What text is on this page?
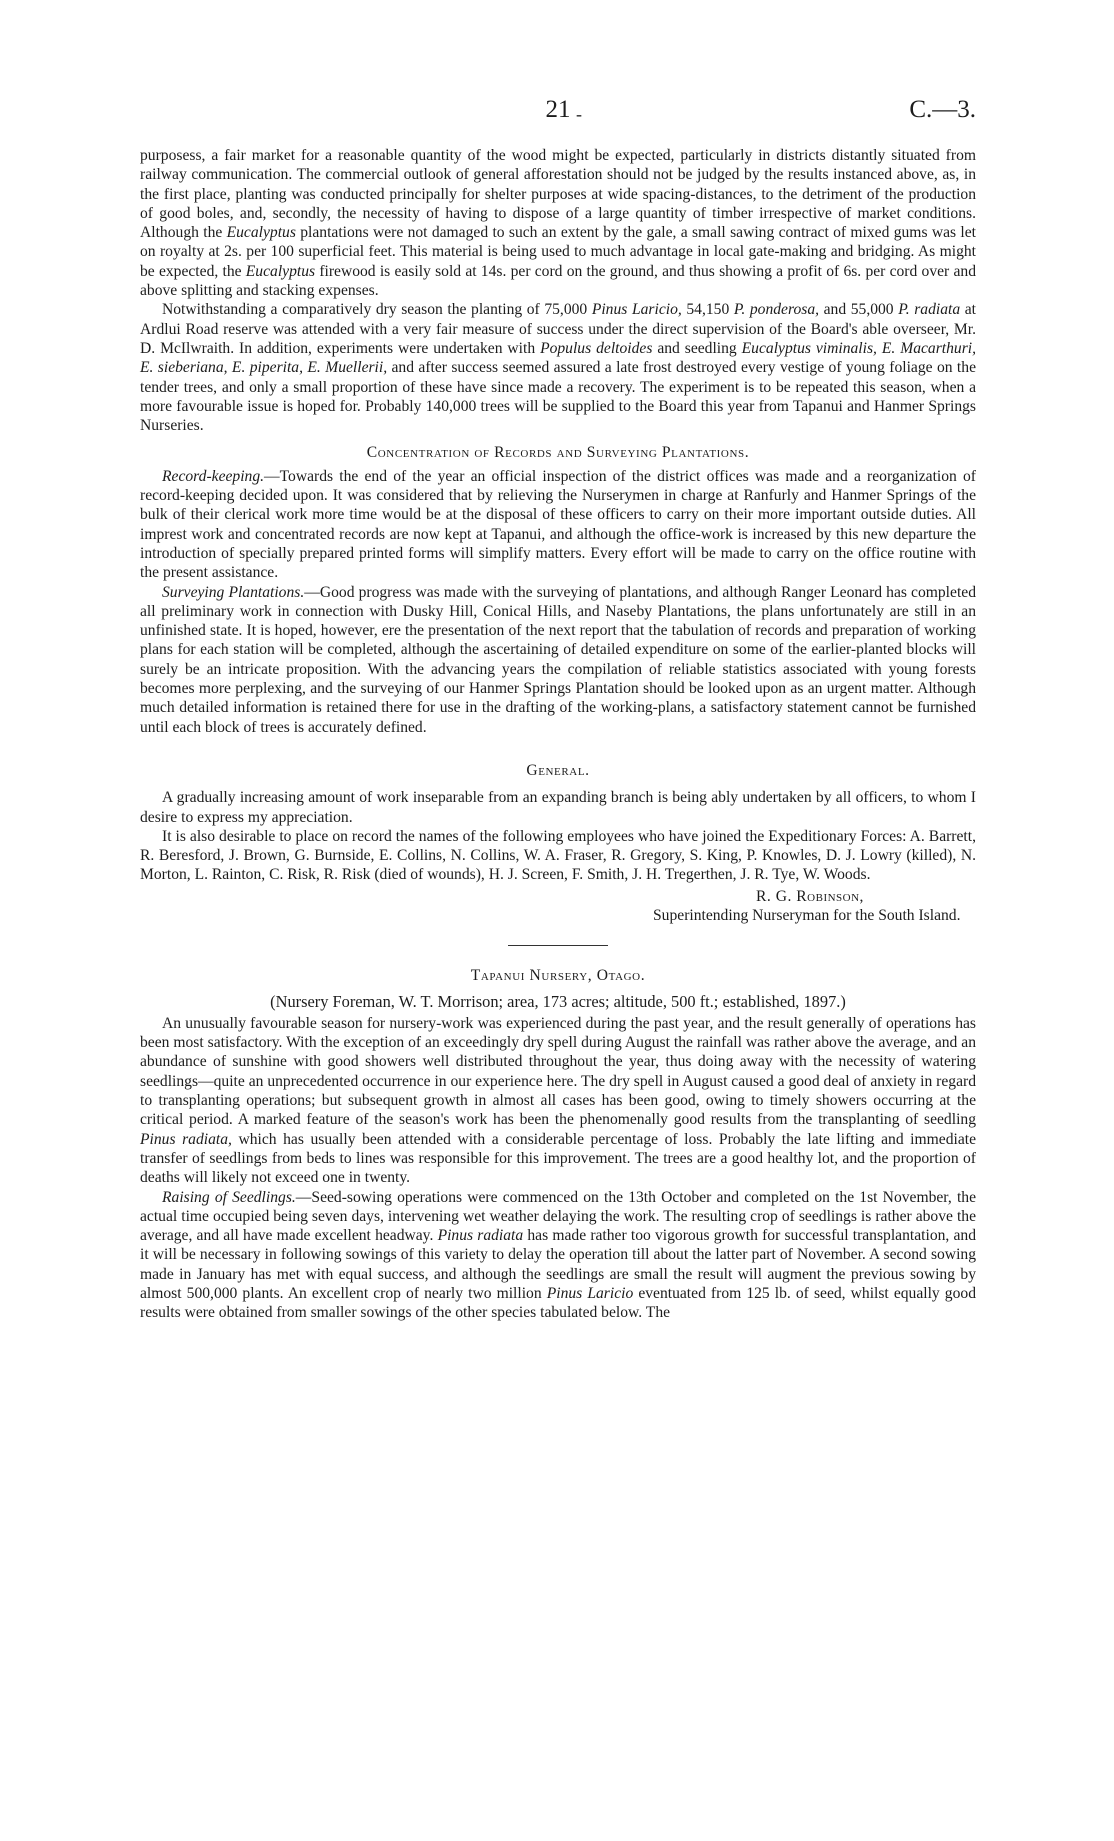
-
21	C.—3.

purposess, a fair market for a reasonable quantity of the wood might be expected, particularly in districts distantly situated from railway communication. The commercial outlook of general afforestation should not be judged by the results instanced above, as, in the first place, planting was conducted principally for shelter purposes at wide spacing-distances, to the detriment of the production of good boles, and, secondly, the necessity of having to dispose of a large quantity of timber irrespective of market conditions. Although the Eucalyptus plantations were not damaged to such an extent by the gale, a small sawing contract of mixed gums was let on royalty at 2s. per 100 superficial feet. This material is being used to much advantage in local gate-making and bridging. As might be expected, the Eucalyptus firewood is easily sold at 14s. per cord on the ground, and thus showing a profit of 6s. per cord over and above splitting and stacking expenses.

Notwithstanding a comparatively dry season the planting of 75,000 Pinus Laricio, 54,150 P. ponderosa, and 55,000 P. radiata at Ardlui Road reserve was attended with a very fair measure of success under the direct supervision of the Board's able overseer, Mr. D. McIlwraith. In addition, experiments were undertaken with Populus deltoides and seedling Eucalyptus viminalis, E. Macarthuri, E. sieberiana, E. piperita, E. Muellerii, and after success seemed assured a late frost destroyed every vestige of young foliage on the tender trees, and only a small proportion of these have since made a recovery. The experiment is to be repeated this season, when a more favourable issue is hoped for. Probably 140,000 trees will be supplied to the Board this year from Tapanui and Hanmer Springs Nurseries.

Concentration of Records and Surveying Plantations.

Record-keeping.—Towards the end of the year an official inspection of the district offices was made and a reorganization of record-keeping decided upon. It was considered that by relieving the Nurserymen in charge at Ranfurly and Hanmer Springs of the bulk of their clerical work more time would be at the disposal of these officers to carry on their more important outside duties. All imprest work and concentrated records are now kept at Tapanui, and although the office-work is increased by this new departure the introduction of specially prepared printed forms will simplify matters. Every effort will be made to carry on the office routine with the present assistance.

Surveying Plantations.—Good progress was made with the surveying of plantations, and although Ranger Leonard has completed all preliminary work in connection with Dusky Hill, Conical Hills, and Naseby Plantations, the plans unfortunately are still in an unfinished state. It is hoped, however, ere the presentation of the next report that the tabulation of records and preparation of working plans for each station will be completed, although the ascertaining of detailed expenditure on some of the earlier-planted blocks will surely be an intricate proposition. With the advancing years the compilation of reliable statistics associated with young forests becomes more perplexing, and the surveying of our Hanmer Springs Plantation should be looked upon as an urgent matter. Although much detailed information is retained there for use in the drafting of the working-plans, a satisfactory statement cannot be furnished until each block of trees is accurately defined.

General.

A gradually increasing amount of work inseparable from an expanding branch is being ably undertaken by all officers, to whom I desire to express my appreciation.

It is also desirable to place on record the names of the following employees who have joined the Expeditionary Forces: A. Barrett, R. Beresford, J. Brown, G. Burnside, E. Collins, N. Collins, W. A. Fraser, R. Gregory, S. King, P. Knowles, D. J. Lowry (killed), N. Morton, L. Rainton, C. Risk, R. Risk (died of wounds), H. J. Screen, F. Smith, J. H. Tregerthen, J. R. Tye, W. Woods.

R. G. Robinson,
Superintending Nurseryman for the South Island.
Tapanui Nursery, Otago.
(Nursery Foreman, W. T. Morrison; area, 173 acres; altitude, 500 ft.; established, 1897.)

An unusually favourable season for nursery-work was experienced during the past year, and the result generally of operations has been most satisfactory. With the exception of an exceedingly dry spell during August the rainfall was rather above the average, and an abundance of sunshine with good showers well distributed throughout the year, thus doing away with the necessity of watering seedlings—quite an unprecedented occurrence in our experience here. The dry spell in August caused a good deal of anxiety in regard to transplanting operations; but subsequent growth in almost all cases has been good, owing to timely showers occurring at the critical period. A marked feature of the season's work has been the phenomenally good results from the transplanting of seedling Pinus radiata, which has usually been attended with a considerable percentage of loss. Probably the late lifting and immediate transfer of seedlings from beds to lines was responsible for this improvement. The trees are a good healthy lot, and the proportion of deaths will likely not exceed one in twenty.

Raising of Seedlings.—Seed-sowing operations were commenced on the 13th October and completed on the 1st November, the actual time occupied being seven days, intervening wet weather delaying the work. The resulting crop of seedlings is rather above the average, and all have made excellent headway. Pinus radiata has made rather too vigorous growth for successful transplantation, and it will be necessary in following sowings of this variety to delay the operation till about the latter part of November. A second sowing made in January has met with equal success, and although the seedlings are small the result will augment the previous sowing by almost 500,000 plants. An excellent crop of nearly two million Pinus Laricio eventuated from 125 lb. of seed, whilst equally good results were obtained from smaller sowings of the other species tabulated below. The
